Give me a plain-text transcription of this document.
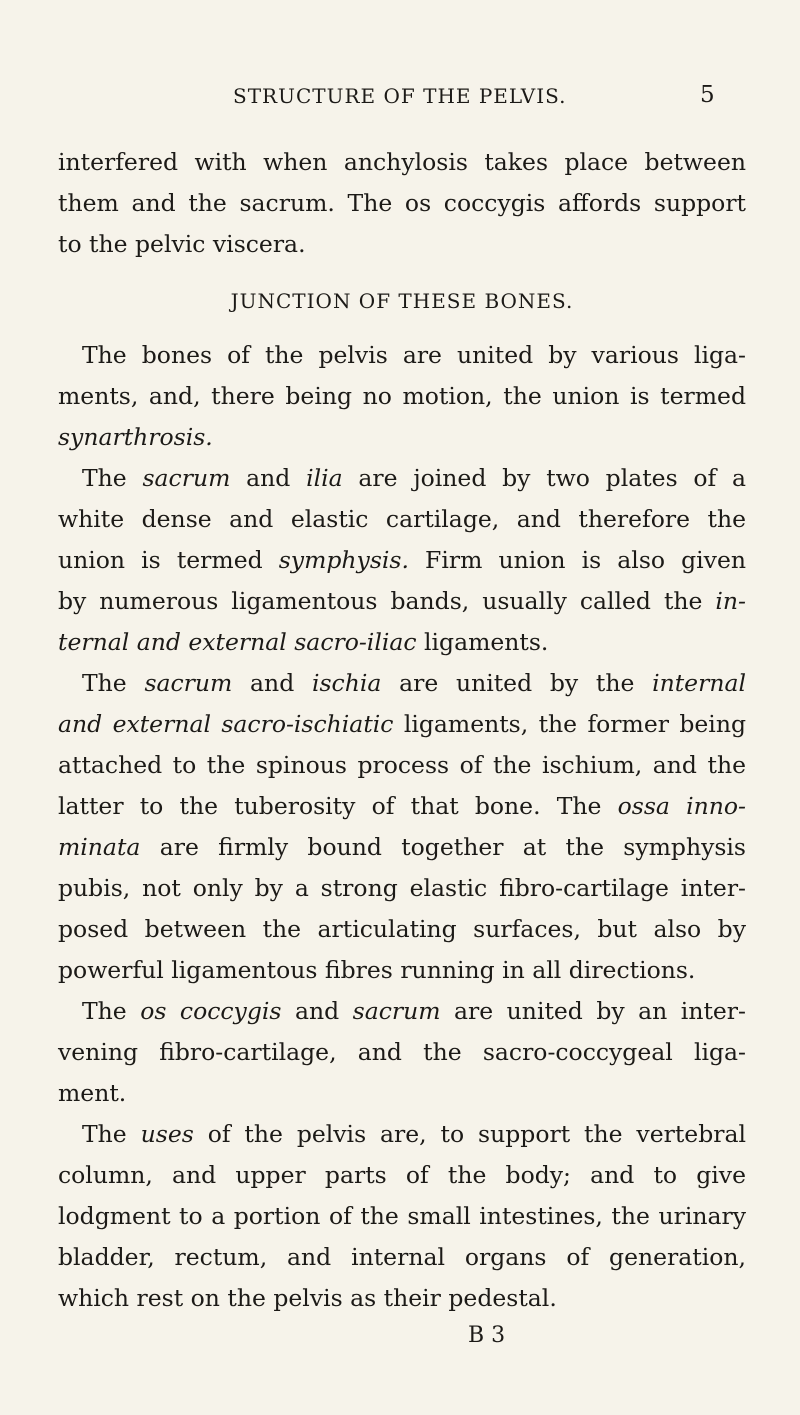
STRUCTURE OF THE PELVIS.	5
interfered with when anchylosis takes place between
them and the sacrum. The os coccygis affords support
to the pelvic viscera.
JUNCTION OF THESE BONES.
The bones of the pelvis are united by various liga-
ments, and, there being no motion, the union is termed
synarthrosis.
The sacrum and ilia are joined by two plates of a
white dense and elastic cartilage, and therefore the
union is termed symphysis. Firm union is also given
by numerous ligamentous bands, usually called the in-
ternal and external sacro-iliac ligaments.
The sacrum and ischia are united by the internal
and external sacro-ischiatic ligaments, the former being
attached to the spinous process of the ischium, and the
latter to the tuberosity of that bone. The ossa inno-
minata are firmly bound together at the symphysis
pubis, not only by a strong elastic fibro-cartilage inter-
posed between the articulating surfaces, but also by
powerful ligamentous fibres running in all directions.
The os coccygis and sacrum are united by an inter-
vening fibro-cartilage, and the sacro-coccygeal liga-
ment.
The uses of the pelvis are, to support the vertebral
column, and upper parts of the body; and to give
lodgment to a portion of the small intestines, the urinary
bladder, rectum, and internal organs of generation,
which rest on the pelvis as their pedestal.
B 3
